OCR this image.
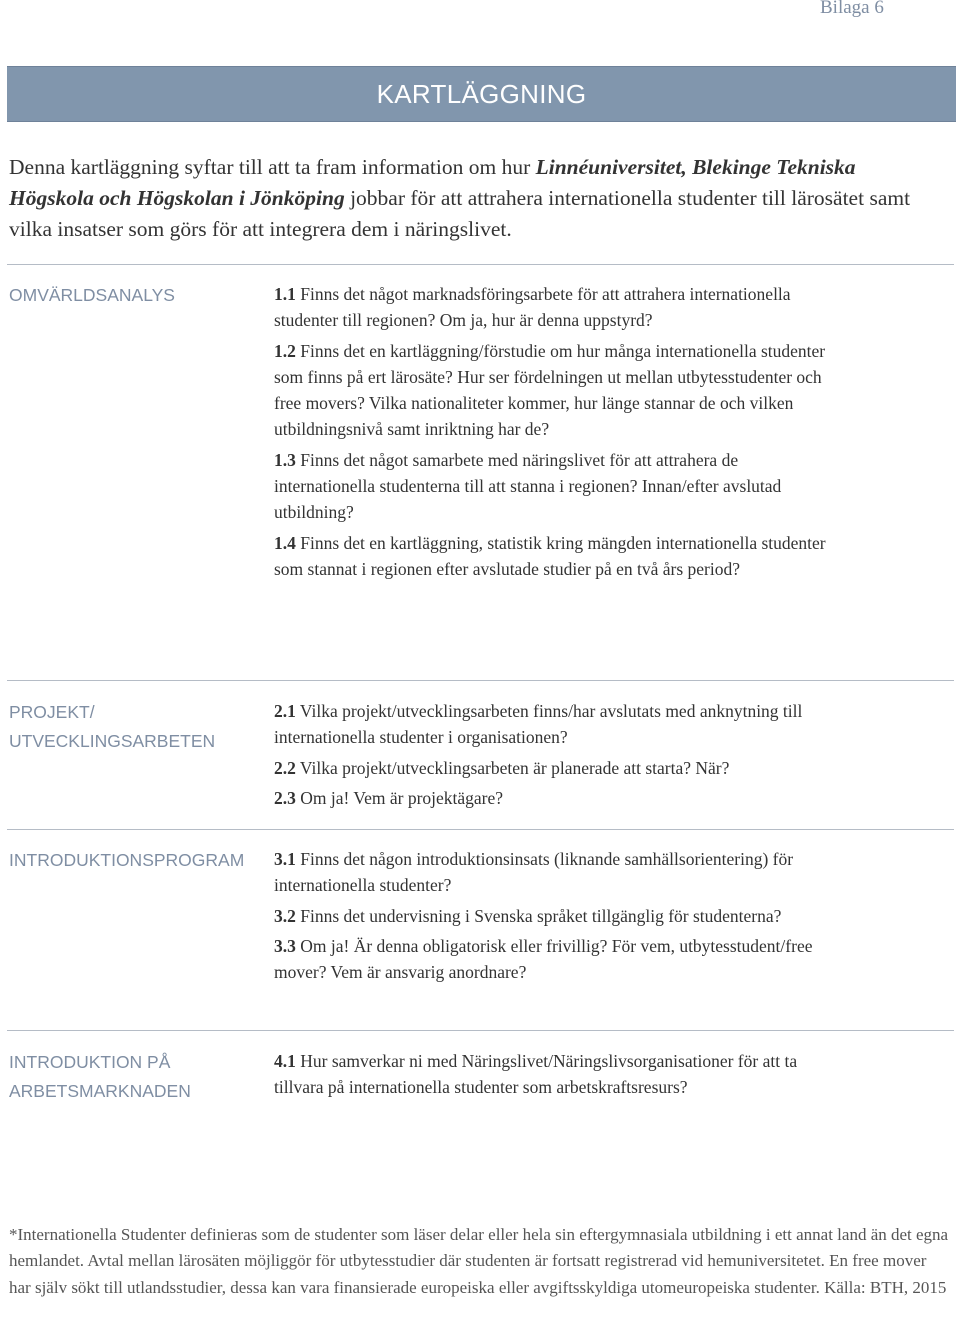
Bilaga 6
KARTLÄGGNING
Denna kartläggning syftar till att ta fram information om hur Linnéuniversitet, Blekinge Tekniska Högskola och Högskolan i Jönköping jobbar för att attrahera internationella studenter till lärosätet samt vilka insatser som görs för att integrera dem i näringslivet.
OMVÄRLDSANALYS	1.1 Finns det något marknadsföringsarbete för att attrahera internationella studenter till regionen? Om ja, hur är denna uppstyrd?
1.2 Finns det en kartläggning/förstudie om hur många internationella studenter som finns på ert lärosäte? Hur ser fördelningen ut mellan utbytesstudenter och free movers? Vilka nationaliteter kommer, hur länge stannar de och vilken utbildningsnivå samt inriktning har de?
1.3 Finns det något samarbete med näringslivet för att attrahera de internationella studenterna till att stanna i regionen? Innan/efter avslutad utbildning?
1.4 Finns det en kartläggning, statistik kring mängden internationella studenter som stannat i regionen efter avslutade studier på en två års period?
PROJEKT/
UTVECKLINGSARBETEN
2.1 Vilka projekt/utvecklingsarbeten finns/har avslutats med anknytning till internationella studenter i organisationen?
2.2 Vilka projekt/utvecklingsarbeten är planerade att starta? När?
2.3 Om ja! Vem är projektägare?
INTRODUKTIONSPROGRAM 3.1 Finns det någon introduktionsinsats (liknande samhällsorientering) för internationella studenter?
3.2 Finns det undervisning i Svenska språket tillgänglig för studenterna?
3.3 Om ja! Är denna obligatorisk eller frivillig? För vem, utbytesstudent/free mover? Vem är ansvarig anordnare?
INTRODUKTION PÅ
ARBETSMARKNADEN
4.1 Hur samverkar ni med Näringslivet/Näringslivsorganisationer för att ta tillvara på internationella studenter som arbetskraftsresurs?
*Internationella Studenter definieras som de studenter som läser delar eller hela sin eftergymnasiala utbildning i ett annat land än det egna hemlandet. Avtal mellan lärosäten möjliggör för utbytesstudier där studenten är fortsatt registrerad vid hemuniversitetet. En free mover har själv sökt till utlandsstudier, dessa kan vara finansierade europeiska eller avgiftsskyldiga utomeuropeiska studenter. Källa: BTH, 2015
